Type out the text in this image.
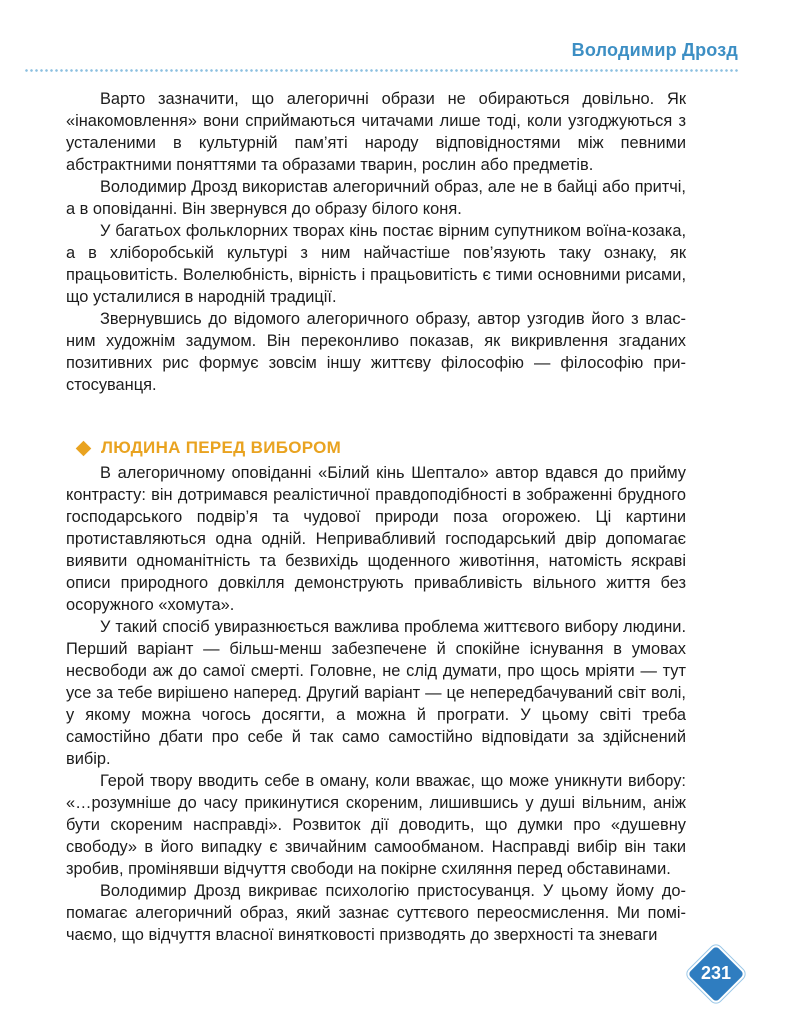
Володимир Дрозд

Варто зазначити, що алегоричні образи не обираються довільно. Як «інакомовлення» вони сприймаються читачами лише тоді, коли узгоджуються з усталеними в культурній пам’яті народу відповідностями між певними абстрактними поняттями та образами тварин, рослин або предметів.

Володимир Дрозд використав алегоричний образ, але не в байці або притчі, а в оповіданні. Він звернувся до образу білого коня.

У багатьох фольклорних творах кінь постає вірним супутником воїна-козака, а в хліборобській культурі з ним найчастіше пов’язують таку ознаку, як працьовитість. Волелюбність, вірність і працьовитість є тими основними рисами, що усталилися в народній традиції.

Звернувшись до відомого алегоричного образу, автор узгодив його з власним художнім задумом. Він переконливо показав, як викривлення згаданих позитивних рис формує зовсім іншу життєву філософію — філософію пристосуванця.

ЛЮДИНА ПЕРЕД ВИБОРОМ

В алегоричному оповіданні «Білий кінь Шептало» автор вдався до прийму контрасту: він дотримався реалістичної правдоподібності в зображенні брудного господарського подвір’я та чудової природи поза огорожею. Ці картини протиставляються одна одній. Непривабливий господарський двір допомагає виявити одноманітність та безвихідь щоденного животіння, натомість яскраві описи природного довкілля демонструють привабливість вільного життя без осоружного «хомута».

У такий спосіб увиразнюється важлива проблема життєвого вибору людини. Перший варіант — більш-менш забезпечене й спокійне існування в умовах несвободи аж до самої смерті. Головне, не слід думати, про щось мріяти — тут усе за тебе вирішено наперед. Другий варіант — це непередбачуваний світ волі, у якому можна чогось досягти, а можна й програти. У цьому світі треба самостійно дбати про себе й так само самостійно відповідати за здійснений вибір.

Герой твору вводить себе в оману, коли вважає, що може уникнути вибору: «…розумніше до часу прикинутися скореним, лишившись у душі вільним, аніж бути скореним насправді». Розвиток дії доводить, що думки про «душевну свободу» в його випадку є звичайним самообманом. Насправді вибір він таки зробив, промінявши відчуття свободи на покірне схиляння перед обставинами.

Володимир Дрозд викриває психологію пристосуванця. У цьому йому допомагає алегоричний образ, який зазнає суттєвого переосмислення. Ми помічаємо, що відчуття власної винятковості призводять до зверхності та зневаги

231
